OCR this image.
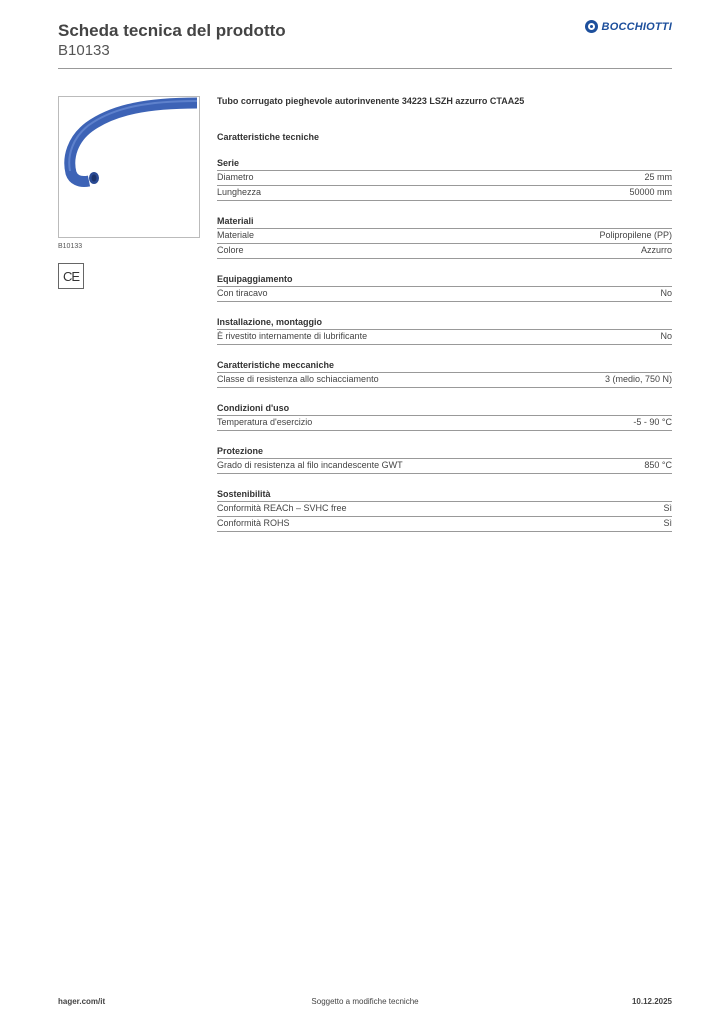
Scheda tecnica del prodotto
B10133
BOCCHIOTTI
B10133
CE
Tubo corrugato pieghevole autorinvenente 34223 LSZH azzurro CTAA25
Caratteristiche tecniche
Serie
Diametro	25 mm
Lunghezza	50000 mm
Materiali
Materiale	Polipropilene (PP)
Colore	Azzurro
Equipaggiamento
Con tiracavo	No
Installazione, montaggio
È rivestito internamente di lubrificante	No
Caratteristiche meccaniche
Classe di resistenza allo schiacciamento	3 (medio, 750 N)
Condizioni d'uso
Temperatura d'esercizio	-5 - 90 °C
Protezione
Grado di resistenza al filo incandescente GWT	850 °C
Sostenibilità
Conformità REACh – SVHC free	Sì
Conformità ROHS	Sì
hager.com/it	Soggetto a modifiche tecniche	10.12.2025
